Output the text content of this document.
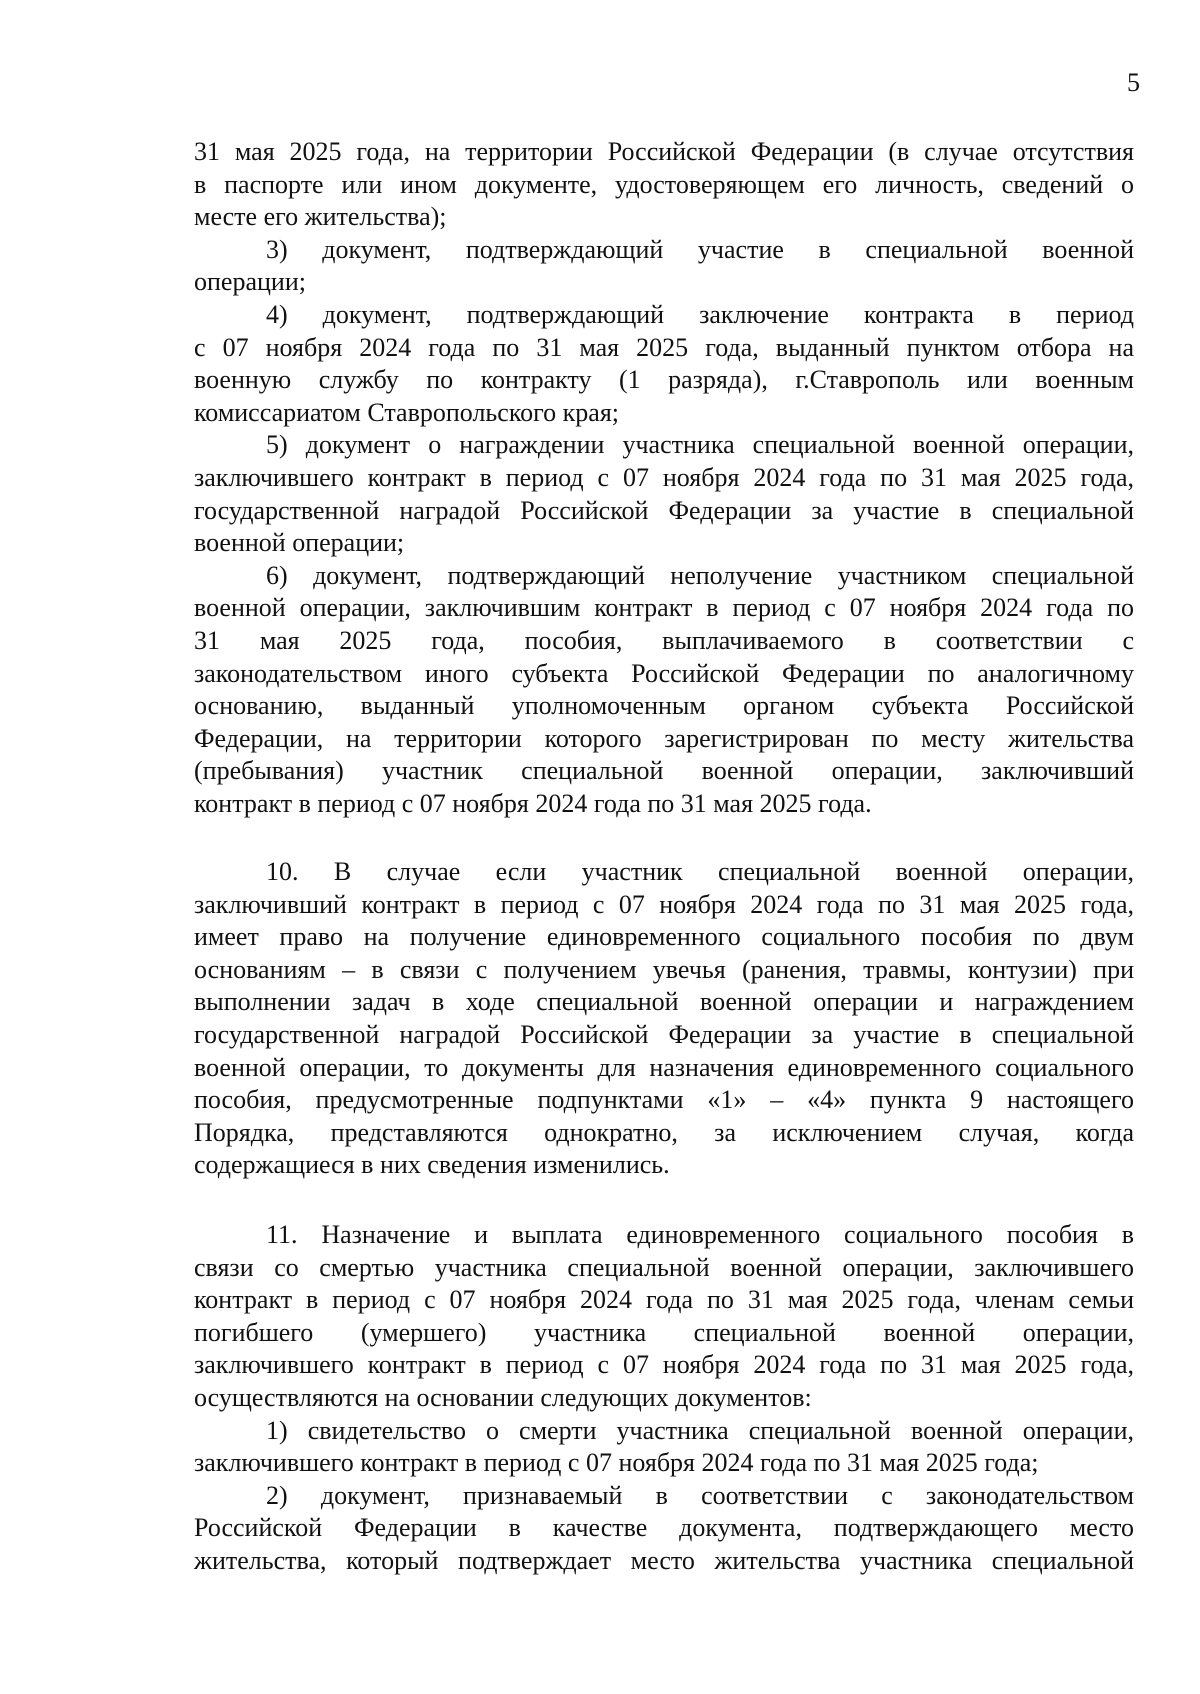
5
31 мая 2025 года, на территории Российской Федерации (в случае отсутствия
в паспорте или ином документе, удостоверяющем его личность, сведений о
месте его жительства);
3) документ, подтверждающий участие в специальной военной
операции;
4) документ, подтверждающий заключение контракта в период
с 07 ноября 2024 года по 31 мая 2025 года, выданный пунктом отбора на
военную службу по контракту (1 разряда), г.Ставрополь или военным
комиссариатом Ставропольского края;
5) документ о награждении участника специальной военной операции,
заключившего контракт в период с 07 ноября 2024 года по 31 мая 2025 года,
государственной наградой Российской Федерации за участие в специальной
военной операции;
6) документ, подтверждающий неполучение участником специальной
военной операции, заключившим контракт в период с 07 ноября 2024 года по
31 мая 2025 года, пособия, выплачиваемого в соответствии с
законодательством иного субъекта Российской Федерации по аналогичному
основанию, выданный уполномоченным органом субъекта Российской
Федерации, на территории которого зарегистрирован по месту жительства
(пребывания) участник специальной военной операции, заключивший
контракт в период с 07 ноября 2024 года по 31 мая 2025 года.
10. В случае если участник специальной военной операции,
заключивший контракт в период с 07 ноября 2024 года по 31 мая 2025 года,
имеет право на получение единовременного социального пособия по двум
основаниям – в связи с получением увечья (ранения, травмы, контузии) при
выполнении задач в ходе специальной военной операции и награждением
государственной наградой Российской Федерации за участие в специальной
военной операции, то документы для назначения единовременного социального
пособия, предусмотренные подпунктами «1» – «4» пункта 9 настоящего
Порядка, представляются однократно, за исключением случая, когда
содержащиеся в них сведения изменились.
11. Назначение и выплата единовременного социального пособия в
связи со смертью участника специальной военной операции, заключившего
контракт в период с 07 ноября 2024 года по 31 мая 2025 года, членам семьи
погибшего (умершего) участника специальной военной операции,
заключившего контракт в период с 07 ноября 2024 года по 31 мая 2025 года,
осуществляются на основании следующих документов:
1) свидетельство о смерти участника специальной военной операции,
заключившего контракт в период с 07 ноября 2024 года по 31 мая 2025 года;
2) документ, признаваемый в соответствии с законодательством
Российской Федерации в качестве документа, подтверждающего место
жительства, который подтверждает место жительства участника специальной
